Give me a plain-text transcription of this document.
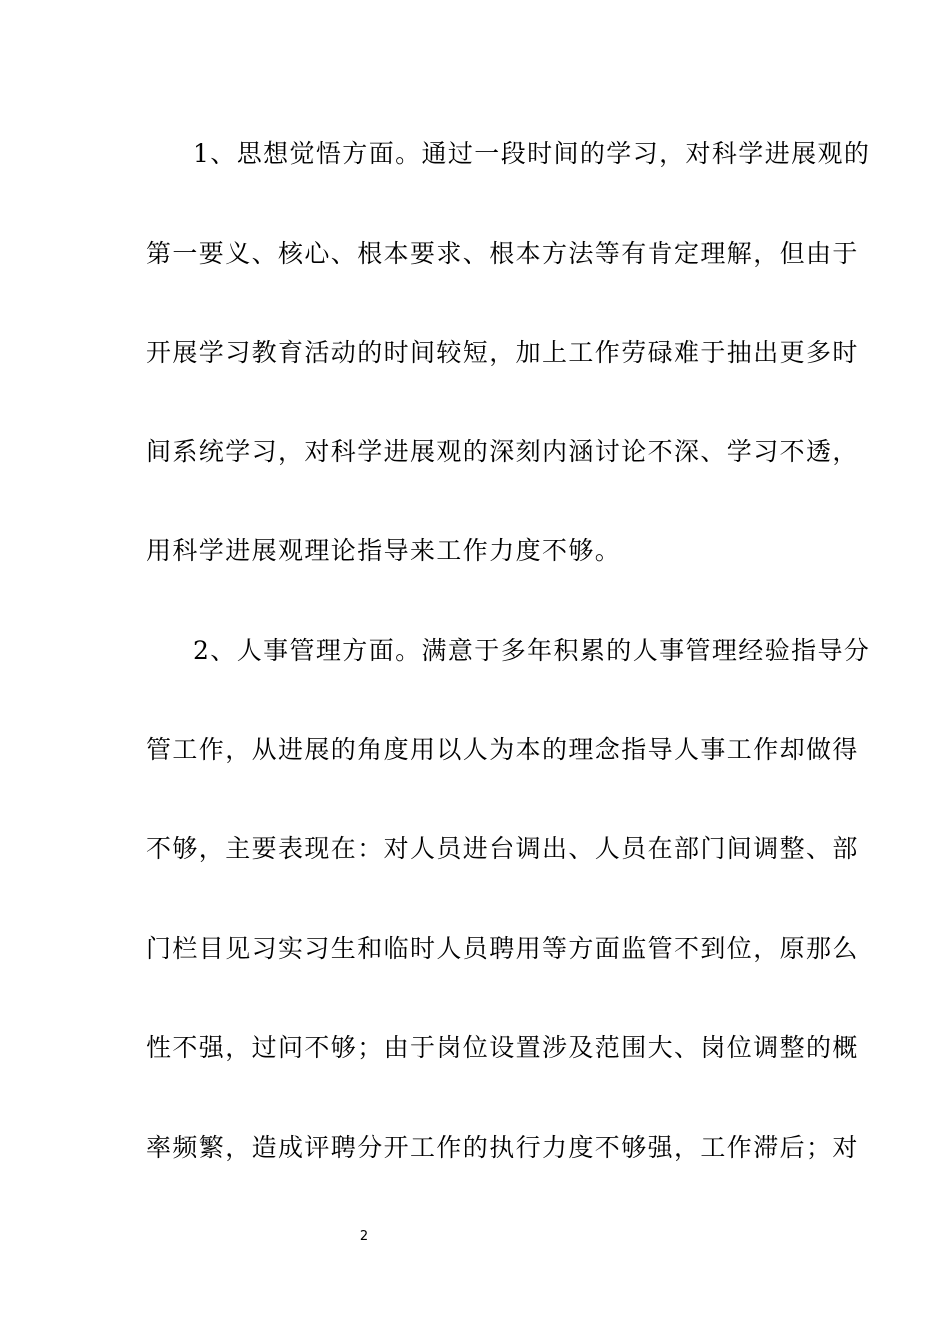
1、思想觉悟方面。通过一段时间的学习，对科学进展观的
第一要义、核心、根本要求、根本方法等有肯定理解，但由于
开展学习教育活动的时间较短，加上工作劳碌难于抽出更多时
间系统学习，对科学进展观的深刻内涵讨论不深、学习不透，
用科学进展观理论指导来工作力度不够。
2、人事管理方面。满意于多年积累的人事管理经验指导分
管工作，从进展的角度用以人为本的理念指导人事工作却做得
不够，主要表现在：对人员进台调出、人员在部门间调整、部
门栏目见习实习生和临时人员聘用等方面监管不到位，原那么
性不强，过问不够；由于岗位设置涉及范围大、岗位调整的概
率频繁，造成评聘分开工作的执行力度不够强，工作滞后；对
2
